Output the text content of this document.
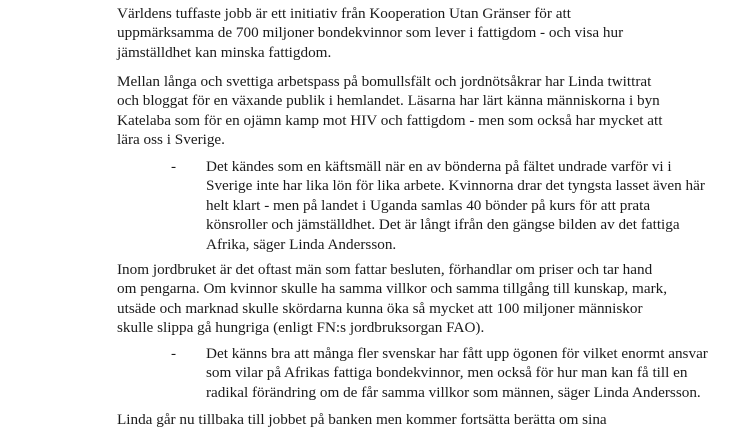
Världens tuffaste jobb är ett initiativ från Kooperation Utan Gränser för att
uppmärksamma de 700 miljoner bondekvinnor som lever i fattigdom - och visa hur
jämställdhet kan minska fattigdom.

Mellan långa och svettiga arbetspass på bomullsfält och jordnötsåkrar har Linda twittrat
och bloggat för en växande publik i hemlandet. Läsarna har lärt känna människorna i byn
Katelaba som för en ojämn kamp mot HIV och fattigdom - men som också har mycket att
lära oss i Sverige.

- Det kändes som en käftsmäll när en av bönderna på fältet undrade varför vi i
Sverige inte har lika lön för lika arbete. Kvinnorna drar det tyngsta lasset även här
helt klart - men på landet i Uganda samlas 40 bönder på kurs för att prata
könsroller och jämställdhet. Det är långt ifrån den gängse bilden av det fattiga
Afrika, säger Linda Andersson.

Inom jordbruket är det oftast män som fattar besluten, förhandlar om priser och tar hand
om pengarna. Om kvinnor skulle ha samma villkor och samma tillgång till kunskap, mark,
utsäde och marknad skulle skördarna kunna öka så mycket att 100 miljoner människor
skulle slippa gå hungriga (enligt FN:s jordbruksorgan FAO).

- Det känns bra att många fler svenskar har fått upp ögonen för vilket enormt ansvar
som vilar på Afrikas fattiga bondekvinnor, men också för hur man kan få till en
radikal förändring om de får samma villkor som männen, säger Linda Andersson.

Linda går nu tillbaka till jobbet på banken men kommer fortsätta berätta om sina
